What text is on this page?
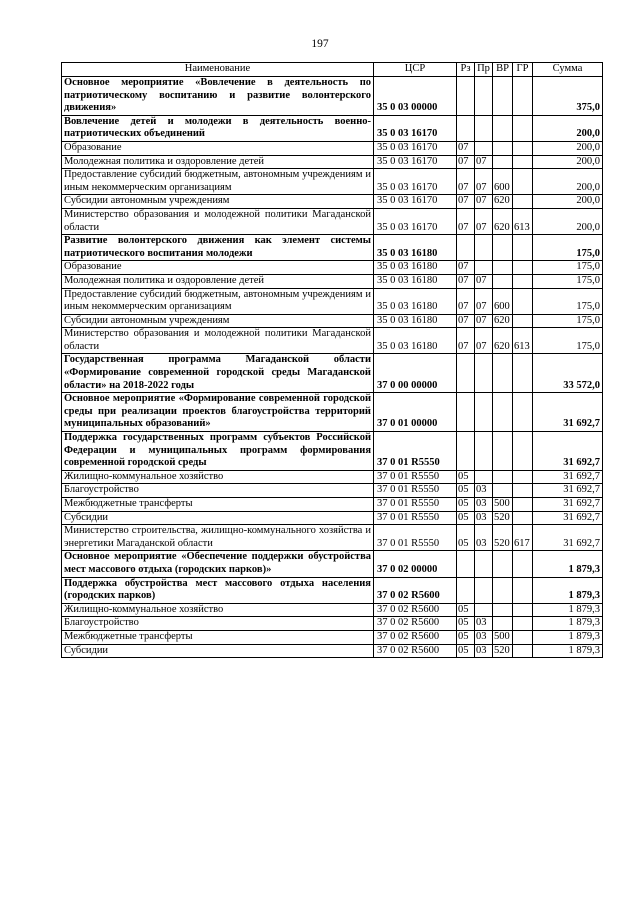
197
Наименование	ЦСР	Рз	Пр	ВР	ГР	Сумма
Основное мероприятие «Вовлечение в деятельность по патриотическому воспитанию и развитие волонтерского движения»	35 0 03 00000					375,0
Вовлечение детей и молодежи в деятельность военно-патриотических объединений	35 0 03 16170					200,0
Образование	35 0 03 16170	07				200,0
Молодежная политика и оздоровление детей	35 0 03 16170	07	07			200,0
Предоставление субсидий бюджетным, автономным учреждениям и иным некоммерческим организациям	35 0 03 16170	07	07	600		200,0
Субсидии автономным учреждениям	35 0 03 16170	07	07	620		200,0
Министерство образования и молодежной политики Магаданской области	35 0 03 16170	07	07	620	613	200,0
Развитие волонтерского движения как элемент системы патриотического воспитания молодежи	35 0 03 16180					175,0
Образование	35 0 03 16180	07				175,0
Молодежная политика и оздоровление детей	35 0 03 16180	07	07			175,0
Предоставление субсидий бюджетным, автономным учреждениям и иным некоммерческим организациям	35 0 03 16180	07	07	600		175,0
Субсидии автономным учреждениям	35 0 03 16180	07	07	620		175,0
Министерство образования и молодежной политики Магаданской области	35 0 03 16180	07	07	620	613	175,0
Государственная программа Магаданской области «Формирование современной городской среды Магаданской области» на 2018-2022 годы	37 0 00 00000					33 572,0
Основное мероприятие «Формирование современной городской среды при реализации проектов благоустройства территорий муниципальных образований»	37 0 01 00000					31 692,7
Поддержка государственных программ субъектов Российской Федерации и муниципальных программ формирования современной городской среды	37 0 01 R5550					31 692,7
Жилищно-коммунальное хозяйство	37 0 01 R5550	05				31 692,7
Благоустройство	37 0 01 R5550	05	03			31 692,7
Межбюджетные трансферты	37 0 01 R5550	05	03	500		31 692,7
Субсидии	37 0 01 R5550	05	03	520		31 692,7
Министерство строительства, жилищно-коммунального хозяйства и энергетики Магаданской области	37 0 01 R5550	05	03	520	617	31 692,7
Основное мероприятие «Обеспечение поддержки обустройства мест массового отдыха (городских парков)»	37 0 02 00000					1 879,3
Поддержка обустройства мест массового отдыха населения (городских парков)	37 0 02 R5600					1 879,3
Жилищно-коммунальное хозяйство	37 0 02 R5600	05				1 879,3
Благоустройство	37 0 02 R5600	05	03			1 879,3
Межбюджетные трансферты	37 0 02 R5600	05	03	500		1 879,3
Субсидии	37 0 02 R5600	05	03	520		1 879,3
